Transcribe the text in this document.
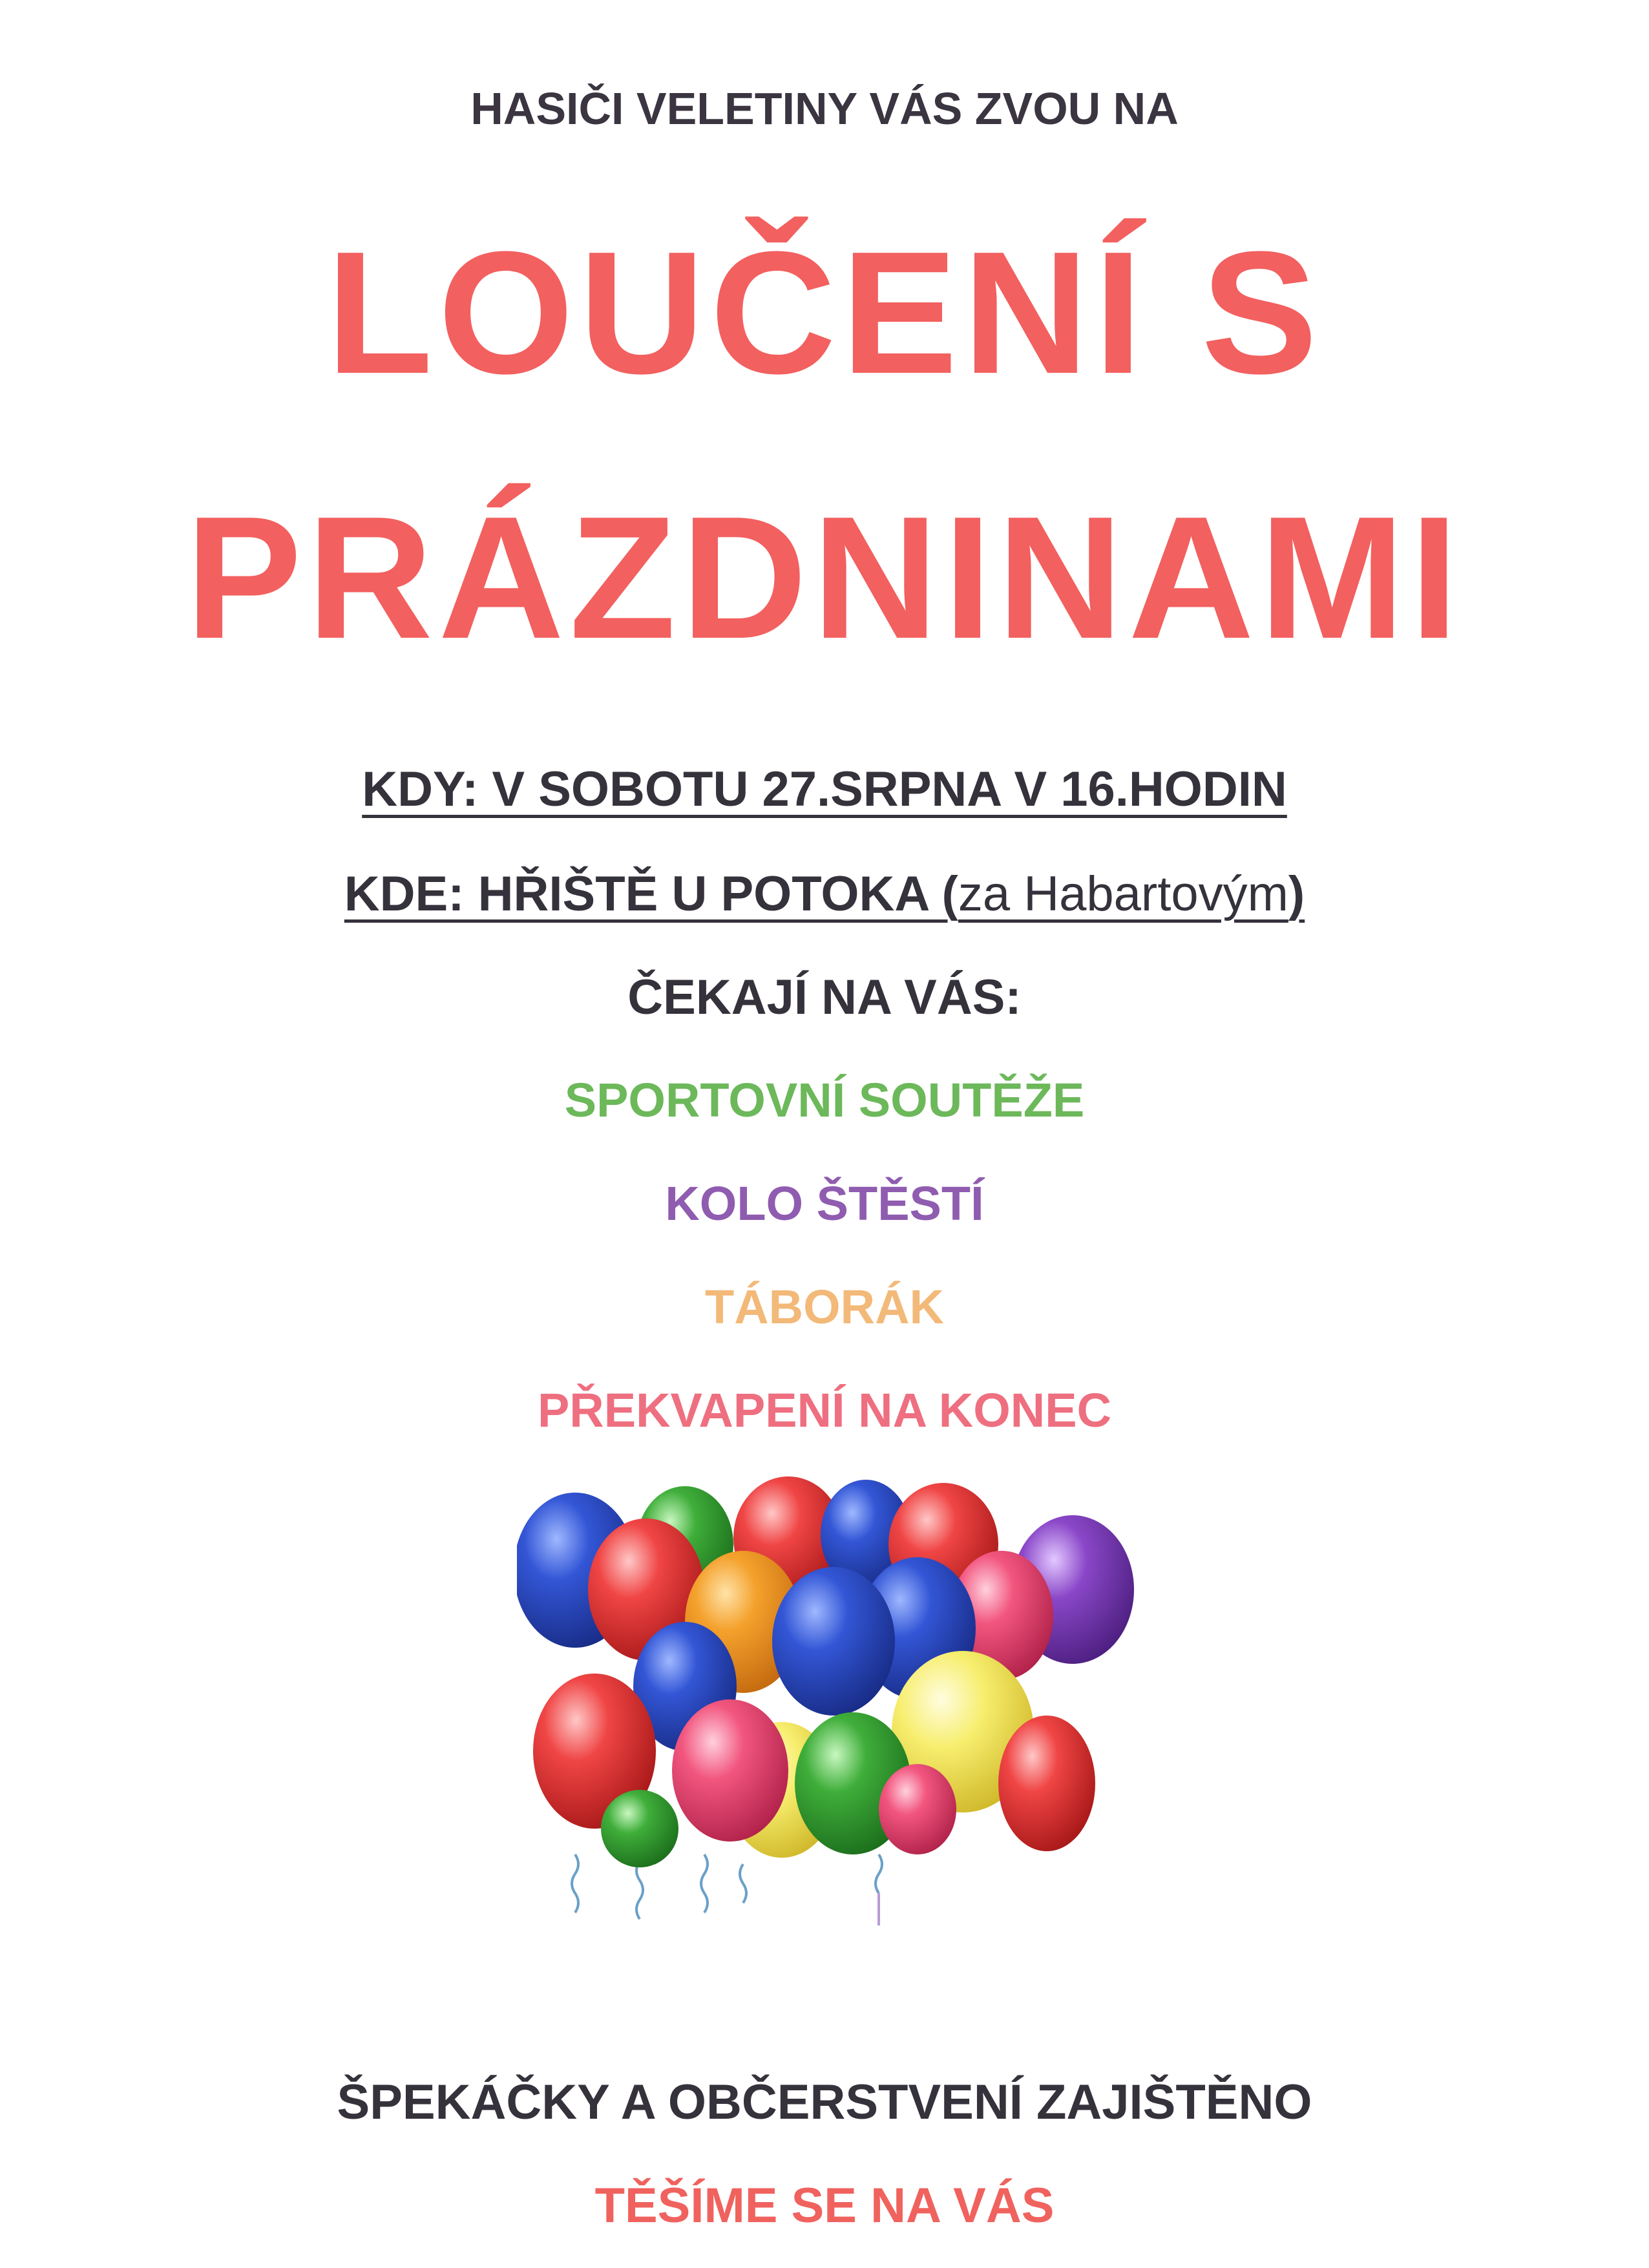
HASIČI VELETINY VÁS ZVOU NA
LOUČENÍ S
PRÁZDNINAMI
KDY: V SOBOTU 27.SRPNA V 16.HODIN
KDE: HŘIŠTĚ U POTOKA (za Habartovým)
ČEKAJÍ NA VÁS:
SPORTOVNÍ SOUTĚŽE
KOLO ŠTĚSTÍ
TÁBORÁK
PŘEKVAPENÍ NA KONEC
ŠPEKÁČKY A OBČERSTVENÍ ZAJIŠTĚNO
TĚŠÍME SE NA VÁS
